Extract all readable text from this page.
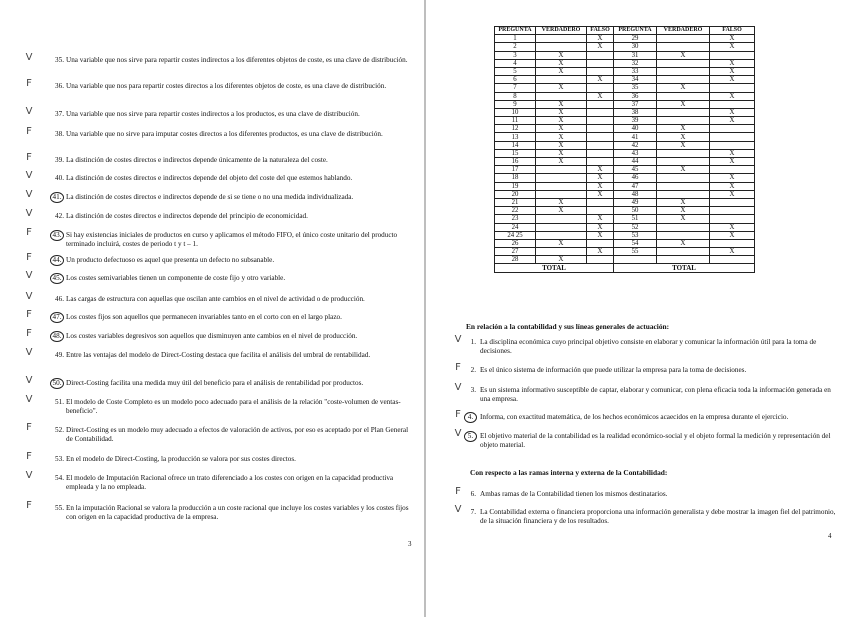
V	35. Una variable que nos sirve para repartir costes indirectos a los diferentes objetos de coste, es una clave de distribución.
F	36. Una variable que nos para repartir costes directos a los diferentes objetos de coste, es una clave de distribución.
V	37. Una variable que nos sirve para repartir costes indirectos a los productos, es una clave de distribución.
F	38. Una variable que no sirve para imputar costes directos a los diferentes productos, es una clave de distribución.
F	39. La distinción de costes directos e indirectos depende únicamente de la naturaleza del coste.
V	40. La distinción de costes directos e indirectos depende del objeto del coste del que estemos hablando.
V	41. La distinción de costes directos e indirectos depende de si se tiene o no una medida individualizada.
V	42. La distinción de costes directos e indirectos depende del principio de economicidad.
F	43. Si hay existencias iniciales de productos en curso y aplicamos el método FIFO, el único coste unitario del producto terminado incluirá, costes de periodo t y t – 1.
F	44. Un producto defectuoso es aquel que presenta un defecto no subsanable.
V	45. Los costes semivariables tienen un componente de coste fijo y otro variable.
V	46. Las cargas de estructura con aquellas que oscilan ante cambios en el nivel de actividad o de producción.
F	47. Los costes fijos son aquellos que permanecen invariables tanto en el corto con en el largo plazo.
F	48. Los costes variables degresivos son aquellos que disminuyen ante cambios en el nivel de producción.
V	49. Entre las ventajas del modelo de Direct-Costing destaca que facilita el análisis del umbral de rentabilidad.
V	50. Direct-Costing facilita una medida muy útil del beneficio para el análisis de rentabilidad por productos.
V	51. El modelo de Coste Completo es un modelo poco adecuado para el análisis de la relación "coste-volumen de ventas-beneficio".
F	52. Direct-Costing es un modelo muy adecuado a efectos de valoración de activos, por eso es aceptado por el Plan General de Contabilidad.
F	53. En el modelo de Direct-Costing, la producción se valora por sus costes directos.
V	54. El modelo de Imputación Racional ofrece un trato diferenciado a los costes con origen en la capacidad productiva empleada y la no empleada.
F	55. En la imputación Racional se valora la producción a un coste racional que incluye los costes variables y los costes fijos con origen en la capacidad productiva de la empresa.
3
PREGUNTA	VERDADERO	FALSO	PREGUNTA	VERDADERO	FALSO
1		X	29		X
2		X	30		X
3	X		31	X	
4	X		32		X
5	X		33		X
6		X	34		X
7	X		35	X	
8		X	36		X
9	X		37	X	
10	X		38		X
11	X		39		X
12	X		40	X	
13	X		41	X	
14	X		42	X	
15	X		43		X
16	X		44		X
17		X	45	X	
18		X	46		X
19		X	47		X
20		X	48		X
21	X		49	X	
22	X		50	X	
23		X	51	X	
24		X	52		X
24 25		X	53		X
26	X		54	X	
27		X	55		X
28	X				
TOTAL			TOTAL		
En relación a la contabilidad y sus líneas generales de actuación:
V	1. La disciplina económica cuyo principal objetivo consiste en elaborar y comunicar la información útil para la toma de decisiones.
F	2. Es el único sistema de información que puede utilizar la empresa para la toma de decisiones.
V	3. Es un sistema informativo susceptible de captar, elaborar y comunicar, con plena eficacia toda la información generada en una empresa.
F 4. Informa, con exactitud matemática, de los hechos económicos acaecidos en la empresa durante el ejercicio.
V 5. El objetivo material de la contabilidad es la realidad económico-social y el objeto formal la medición y representación del objeto material.
Con respecto a las ramas interna y externa de la Contabilidad:
F	6. Ambas ramas de la Contabilidad tienen los mismos destinatarios.
V	7. La Contabilidad externa o financiera proporciona una información generalista y debe mostrar la imagen fiel del patrimonio, de la situación financiera y de los resultados.
4
